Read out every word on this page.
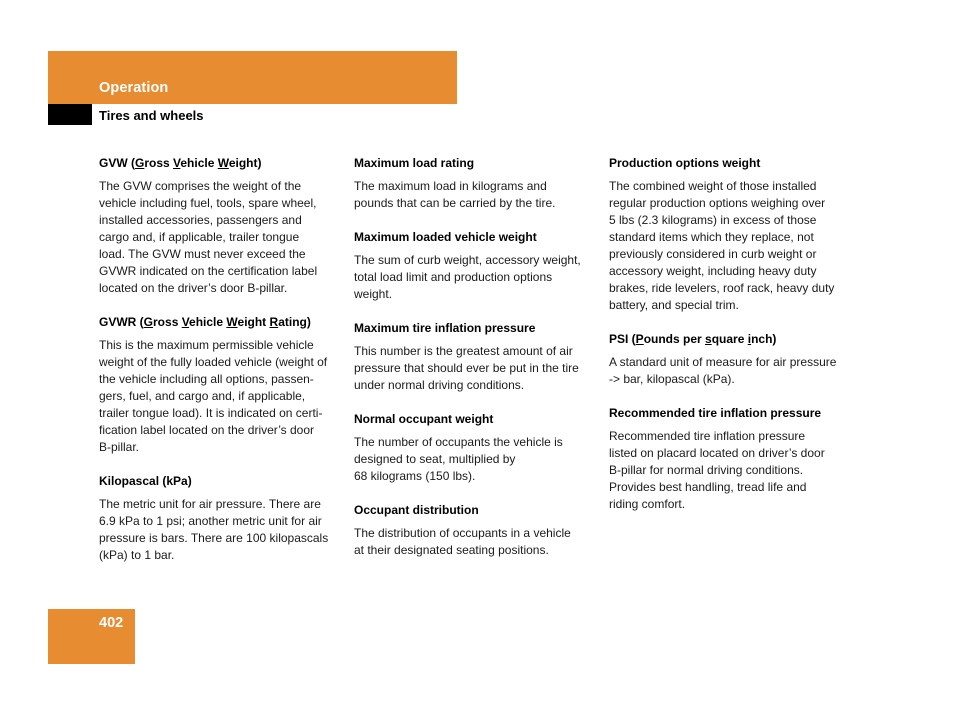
Operation
Tires and wheels
GVW (Gross Vehicle Weight)
The GVW comprises the weight of the
vehicle including fuel, tools, spare wheel,
installed accessories, passengers and
cargo and, if applicable, trailer tongue
load. The GVW must never exceed the
GVWR indicated on the certification label
located on the driver’s door B-pillar.
GVWR (Gross Vehicle Weight Rating)
This is the maximum permissible vehicle
weight of the fully loaded vehicle (weight of
the vehicle including all options, passen-
gers, fuel, and cargo and, if applicable,
trailer tongue load). It is indicated on certi-
fication label located on the driver’s door
B-pillar.
Kilopascal (kPa)
The metric unit for air pressure. There are
6.9 kPa to 1 psi; another metric unit for air
pressure is bars. There are 100 kilopascals
(kPa) to 1 bar.
Maximum load rating
The maximum load in kilograms and
pounds that can be carried by the tire.
Maximum loaded vehicle weight
The sum of curb weight, accessory weight,
total load limit and production options
weight.
Maximum tire inflation pressure
This number is the greatest amount of air
pressure that should ever be put in the tire
under normal driving conditions.
Normal occupant weight
The number of occupants the vehicle is
designed to seat, multiplied by
68 kilograms (150 lbs).
Occupant distribution
The distribution of occupants in a vehicle
at their designated seating positions.
Production options weight
The combined weight of those installed
regular production options weighing over
5 lbs (2.3 kilograms) in excess of those
standard items which they replace, not
previously considered in curb weight or
accessory weight, including heavy duty
brakes, ride levelers, roof rack, heavy duty
battery, and special trim.
PSI (Pounds per square inch)
A standard unit of measure for air pressure
-> bar, kilopascal (kPa).
Recommended tire inflation pressure
Recommended tire inflation pressure
listed on placard located on driver’s door
B-pillar for normal driving conditions.
Provides best handling, tread life and
riding comfort.
402
